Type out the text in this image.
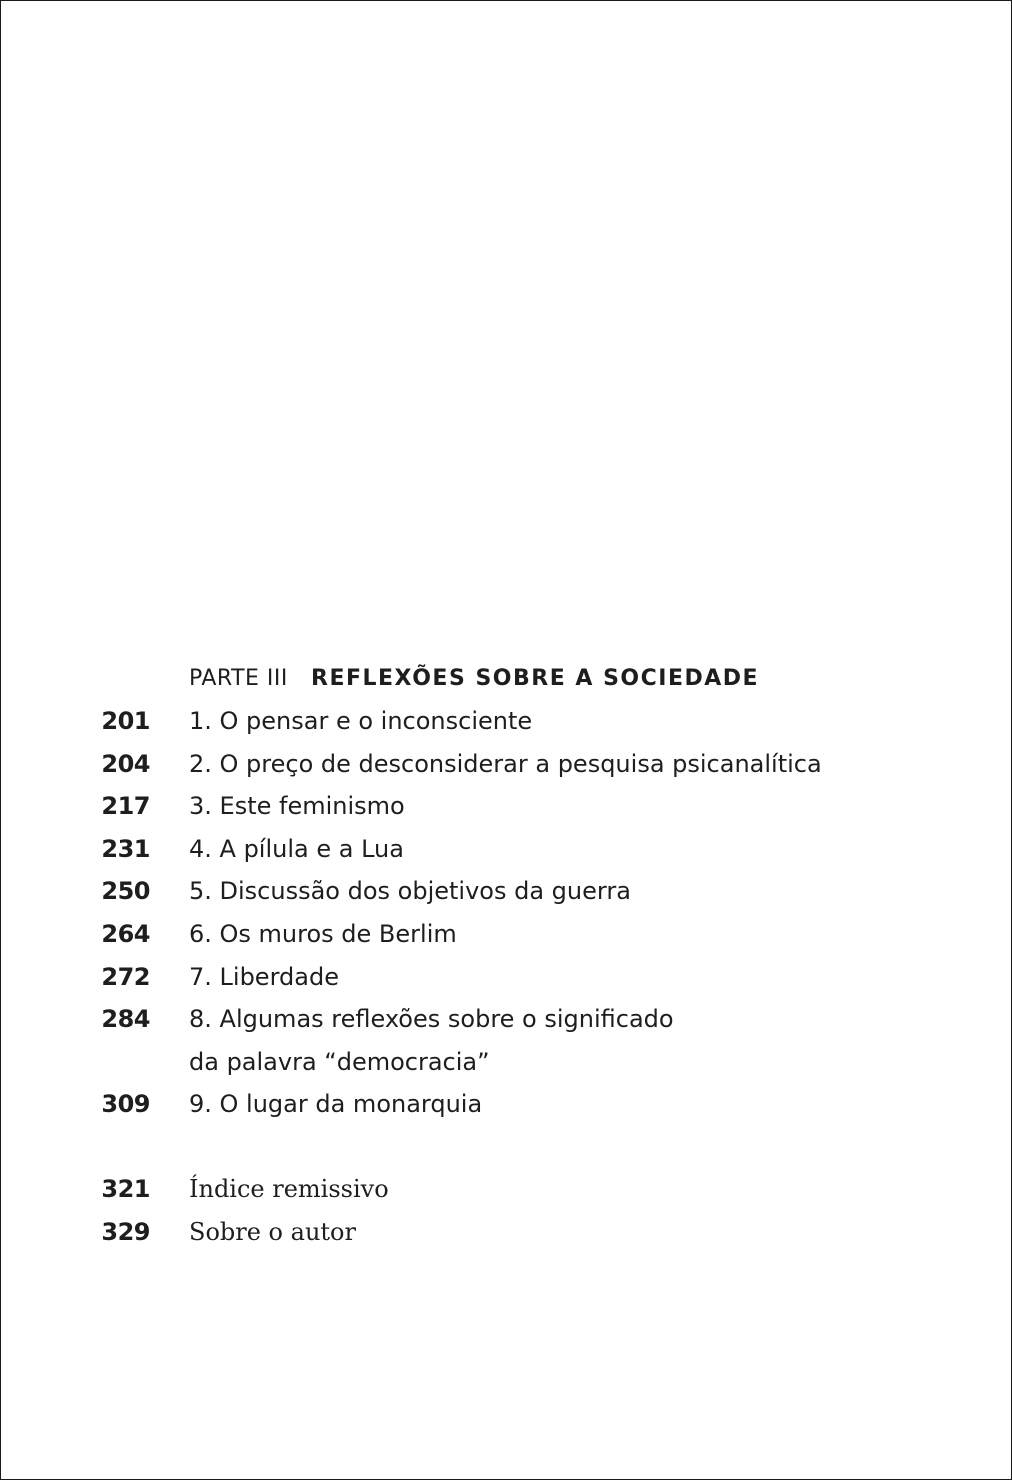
PARTE III REFLEXÕES SOBRE A SOCIEDADE
201 1. O pensar e o inconsciente
204 2. O preço de desconsiderar a pesquisa psicanalítica
217 3. Este feminismo
231 4. A pílula e a Lua
250 5. Discussão dos objetivos da guerra
264 6. Os muros de Berlim
272 7. Liberdade
284 8. Algumas reflexões sobre o significado
da palavra “democracia”
309 9. O lugar da monarquia
321 Índice remissivo
329 Sobre o autor
